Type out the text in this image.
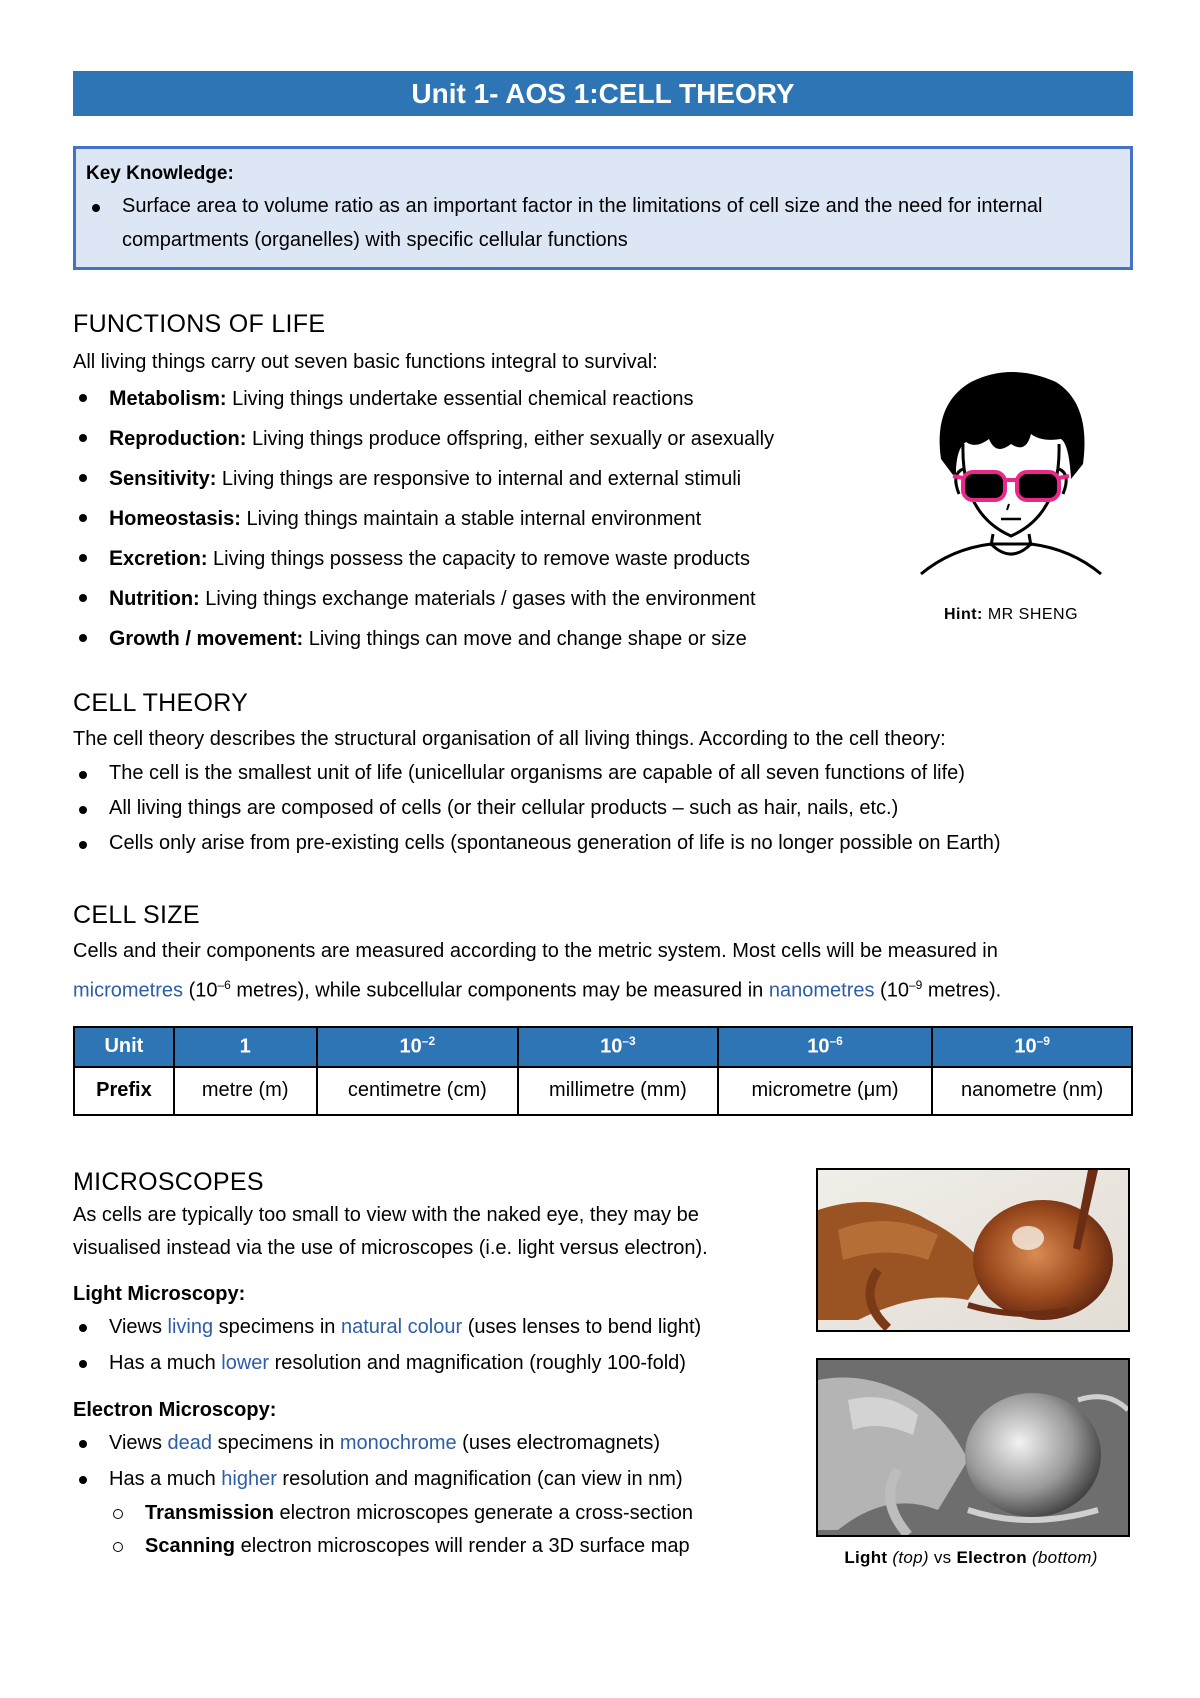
Unit 1- AOS 1:CELL THEORY
Key Knowledge:
Surface area to volume ratio as an important factor in the limitations of cell size and the need for internal compartments (organelles) with specific cellular functions
FUNCTIONS OF LIFE
All living things carry out seven basic functions integral to survival:
Metabolism: Living things undertake essential chemical reactions
Reproduction: Living things produce offspring, either sexually or asexually
Sensitivity: Living things are responsive to internal and external stimuli
Homeostasis: Living things maintain a stable internal environment
Excretion: Living things possess the capacity to remove waste products
Nutrition: Living things exchange materials / gases with the environment
Growth / movement: Living things can move and change shape or size
Hint: MR SHENG
CELL THEORY

The cell theory describes the structural organisation of all living things. According to the cell theory:

The cell is the smallest unit of life (unicellular organisms are capable of all seven functions of life)
All living things are composed of cells (or their cellular products – such as hair, nails, etc.)
Cells only arise from pre-existing cells (spontaneous generation of life is no longer possible on Earth)
CELL SIZE

Cells and their components are measured according to the metric system. Most cells will be measured in
micrometres ($10^{-6}$ metres), while subcellular components may be measured in nanometres ($10^{-9}$ metres).

Unit	1	$10^{-2}$	$10^{-3}$	$10^{-6}$	$10^{-9}$
Prefix	metre (m)	centimetre (cm)	millimetre (mm)	micrometre (μm)	nanometre (nm)
MICROSCOPES

As cells are typically too small to view with the naked eye, they may be visualised instead via the use of microscopes (i.e. light versus electron).

Light Microscopy:
Views living specimens in natural colour (uses lenses to bend light)
Has a much lower resolution and magnification (roughly 100-fold)
Electron Microscopy:
Views dead specimens in monochrome (uses electromagnets)
Has a much higher resolution and magnification (can view in nm)
Transmission electron microscopes generate a cross-section
Scanning electron microscopes will render a 3D surface map
Light (top) vs Electron (bottom)
